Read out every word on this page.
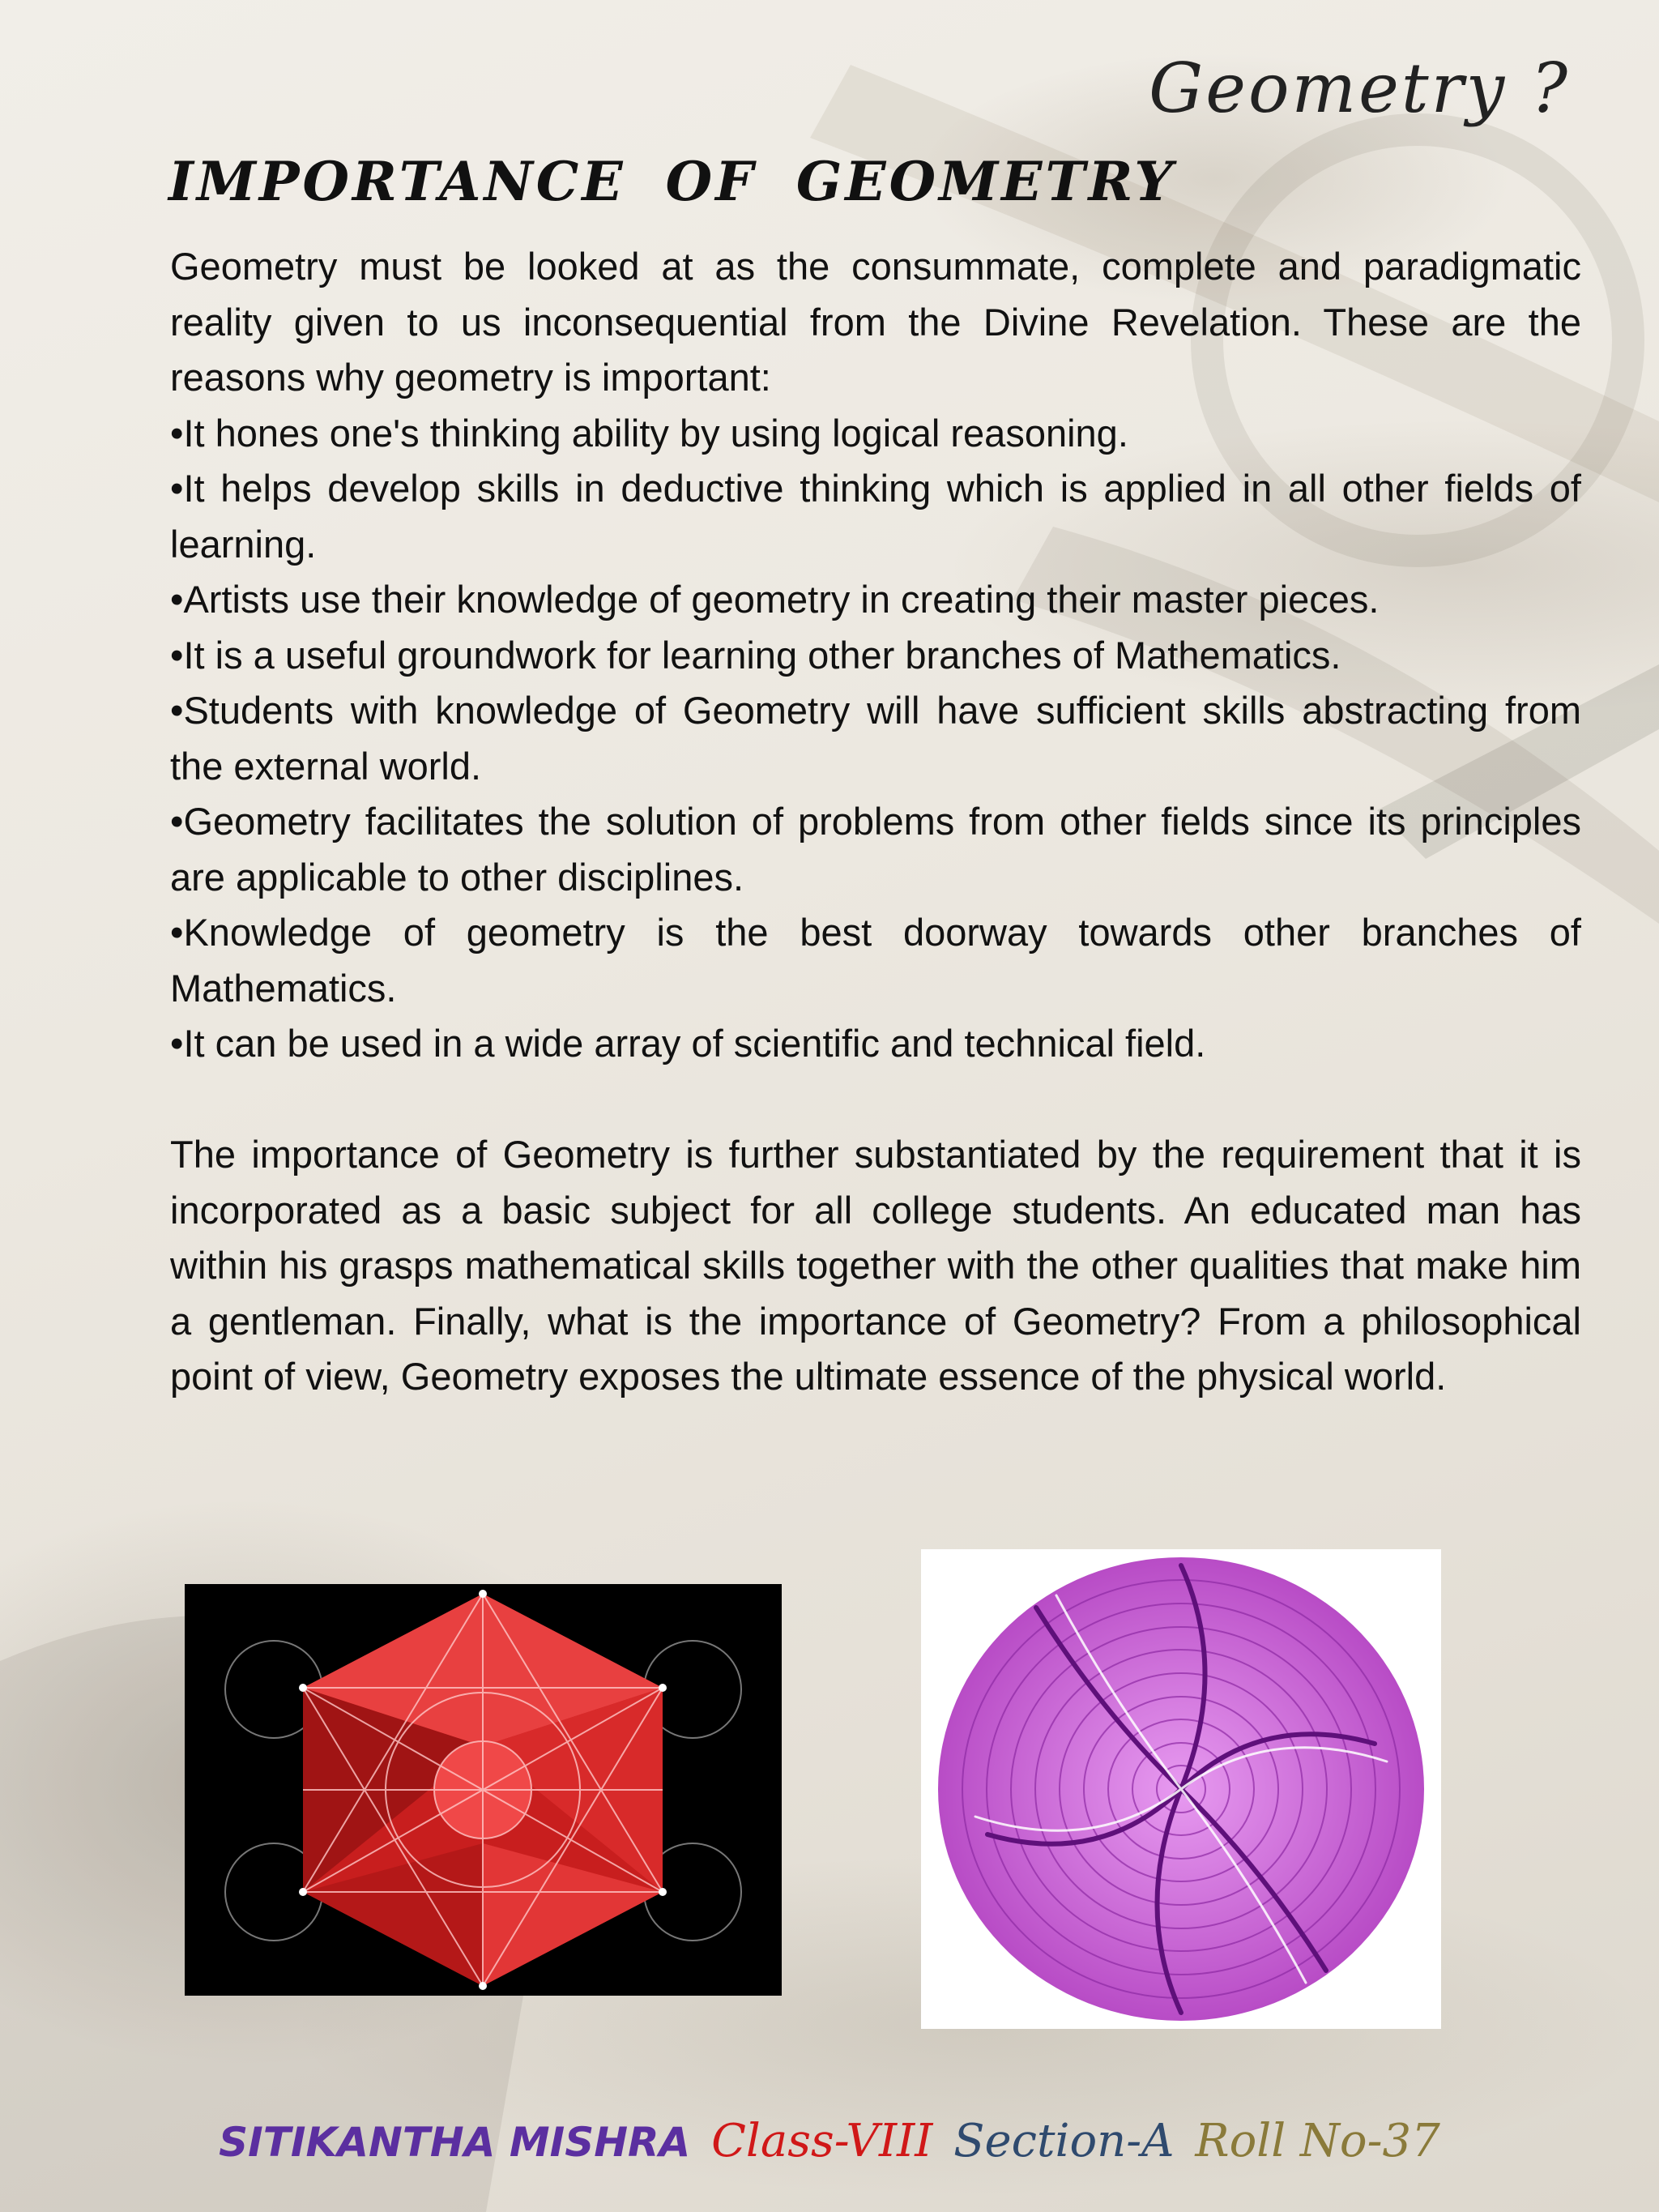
Geometry ?
IMPORTANCE OF GEOMETRY

Geometry must be looked at as the consummate, complete and paradigmatic reality given to us inconsequential from the Divine Revelation. These are the reasons why geometry is important:

•It hones one's thinking ability by using logical reasoning.
•It helps develop skills in deductive thinking which is applied in all other fields of learning.
•Artists use their knowledge of geometry in creating their master pieces.
•It is a useful groundwork for learning other branches of Mathematics.
•Students with knowledge of Geometry will have sufficient skills abstracting from the external world.
•Geometry facilitates the solution of problems from other fields since its principles are applicable to other disciplines.
•Knowledge of geometry is the best doorway towards other branches of Mathematics.
•It can be used in a wide array of scientific and technical field.

The importance of Geometry is further substantiated by the requirement that it is incorporated as a basic subject for all college students. An educated man has within his grasps mathematical skills together with the other qualities that make him a gentleman. Finally, what is the importance of Geometry? From a philosophical point of view, Geometry exposes the ultimate essence of the physical world.

SITIKANTHA MISHRA Class-VIII Section-A Roll No-37
